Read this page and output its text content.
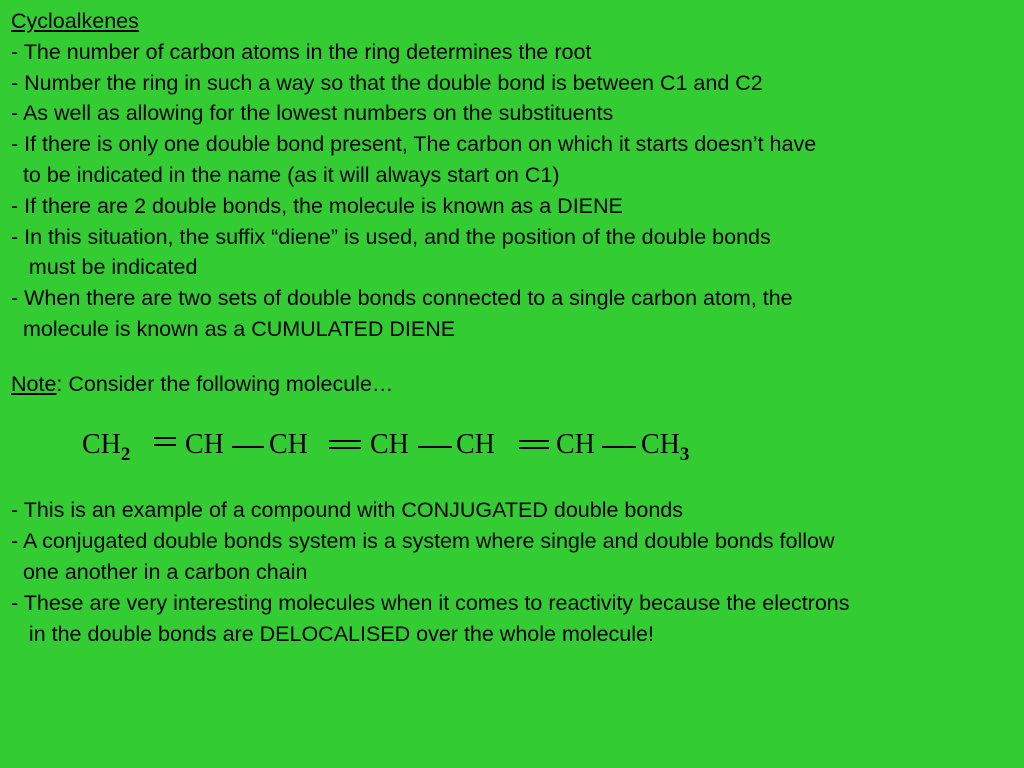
Cycloalkenes
- The number of carbon atoms in the ring determines the root
- Number the ring in such a way so that the double bond is between C1 and C2
- As well as allowing for the lowest numbers on the substituents
- If there is only one double bond present, The carbon on which it starts doesn’t have
to be indicated in the name (as it will always start on C1)
- If there are 2 double bonds, the molecule is known as a DIENE
- In this situation, the suffix “diene” is used, and the position of the double bonds
must be indicated
- When there are two sets of double bonds connected to a single carbon atom, the
molecule is known as a CUMULATED DIENE
Note: Consider the following molecule…
$CH_2$ CH CH CH CH CH $CH_3$
- This is an example of a compound with CONJUGATED double bonds
- A conjugated double bonds system is a system where single and double bonds follow
one another in a carbon chain
- These are very interesting molecules when it comes to reactivity because the electrons
in the double bonds are DELOCALISED over the whole molecule!
